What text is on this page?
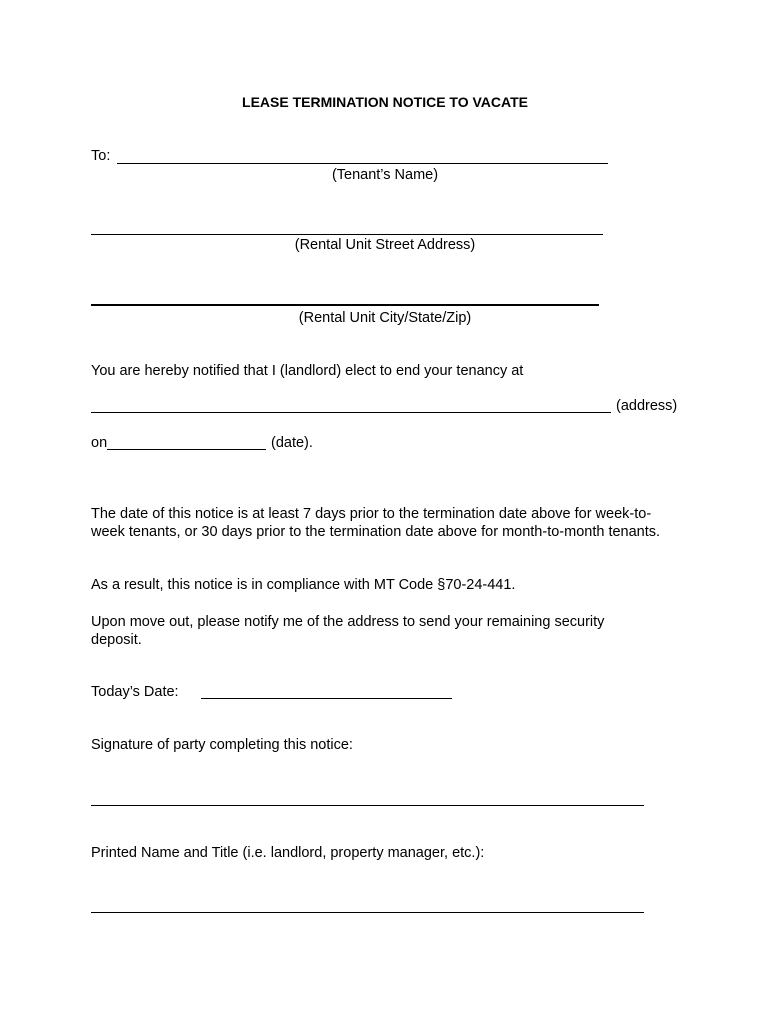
LEASE TERMINATION NOTICE TO VACATE
To:
(Tenant’s Name)
(Rental Unit Street Address)
(Rental Unit City/State/Zip)
You are hereby notified that I (landlord) elect to end your tenancy at
(address)
on	(date).
The date of this notice is at least 7 days prior to the termination date above for week-to-week tenants, or 30 days prior to the termination date above for month-to-month tenants.
As a result, this notice is in compliance with MT Code §70-24-441.
Upon move out, please notify me of the address to send your remaining security deposit.
Today’s Date:
Signature of party completing this notice:
Printed Name and Title (i.e. landlord, property manager, etc.):
